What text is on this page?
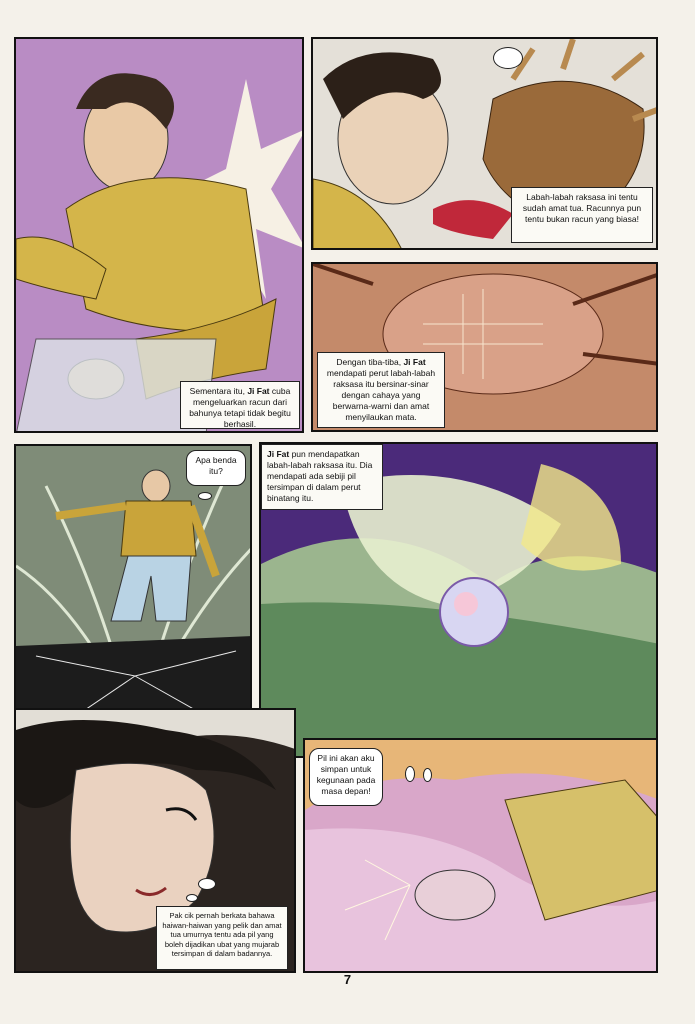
Sementara itu, Ji Fat cuba mengeluarkan racun dari bahunya tetapi tidak begitu berhasil.
Labah-labah raksasa ini tentu sudah amat tua. Racunnya pun tentu bukan racun yang biasa!
Dengan tiba-tiba, Ji Fat mendapati perut labah-labah raksasa itu bersinar-sinar dengan cahaya yang berwarna-warni dan amat menyilaukan mata.
Apa benda itu?
Ji Fat pun mendapatkan labah-labah raksasa itu. Dia mendapati ada sebiji pil tersimpan di dalam perut binatang itu.
Pak cik pernah berkata bahawa haiwan-haiwan yang pelik dan amat tua umurnya tentu ada pil yang boleh dijadikan ubat yang mujarab tersimpan di dalam badannya.
Pil ini akan aku simpan untuk kegunaan pada masa depan!
7
